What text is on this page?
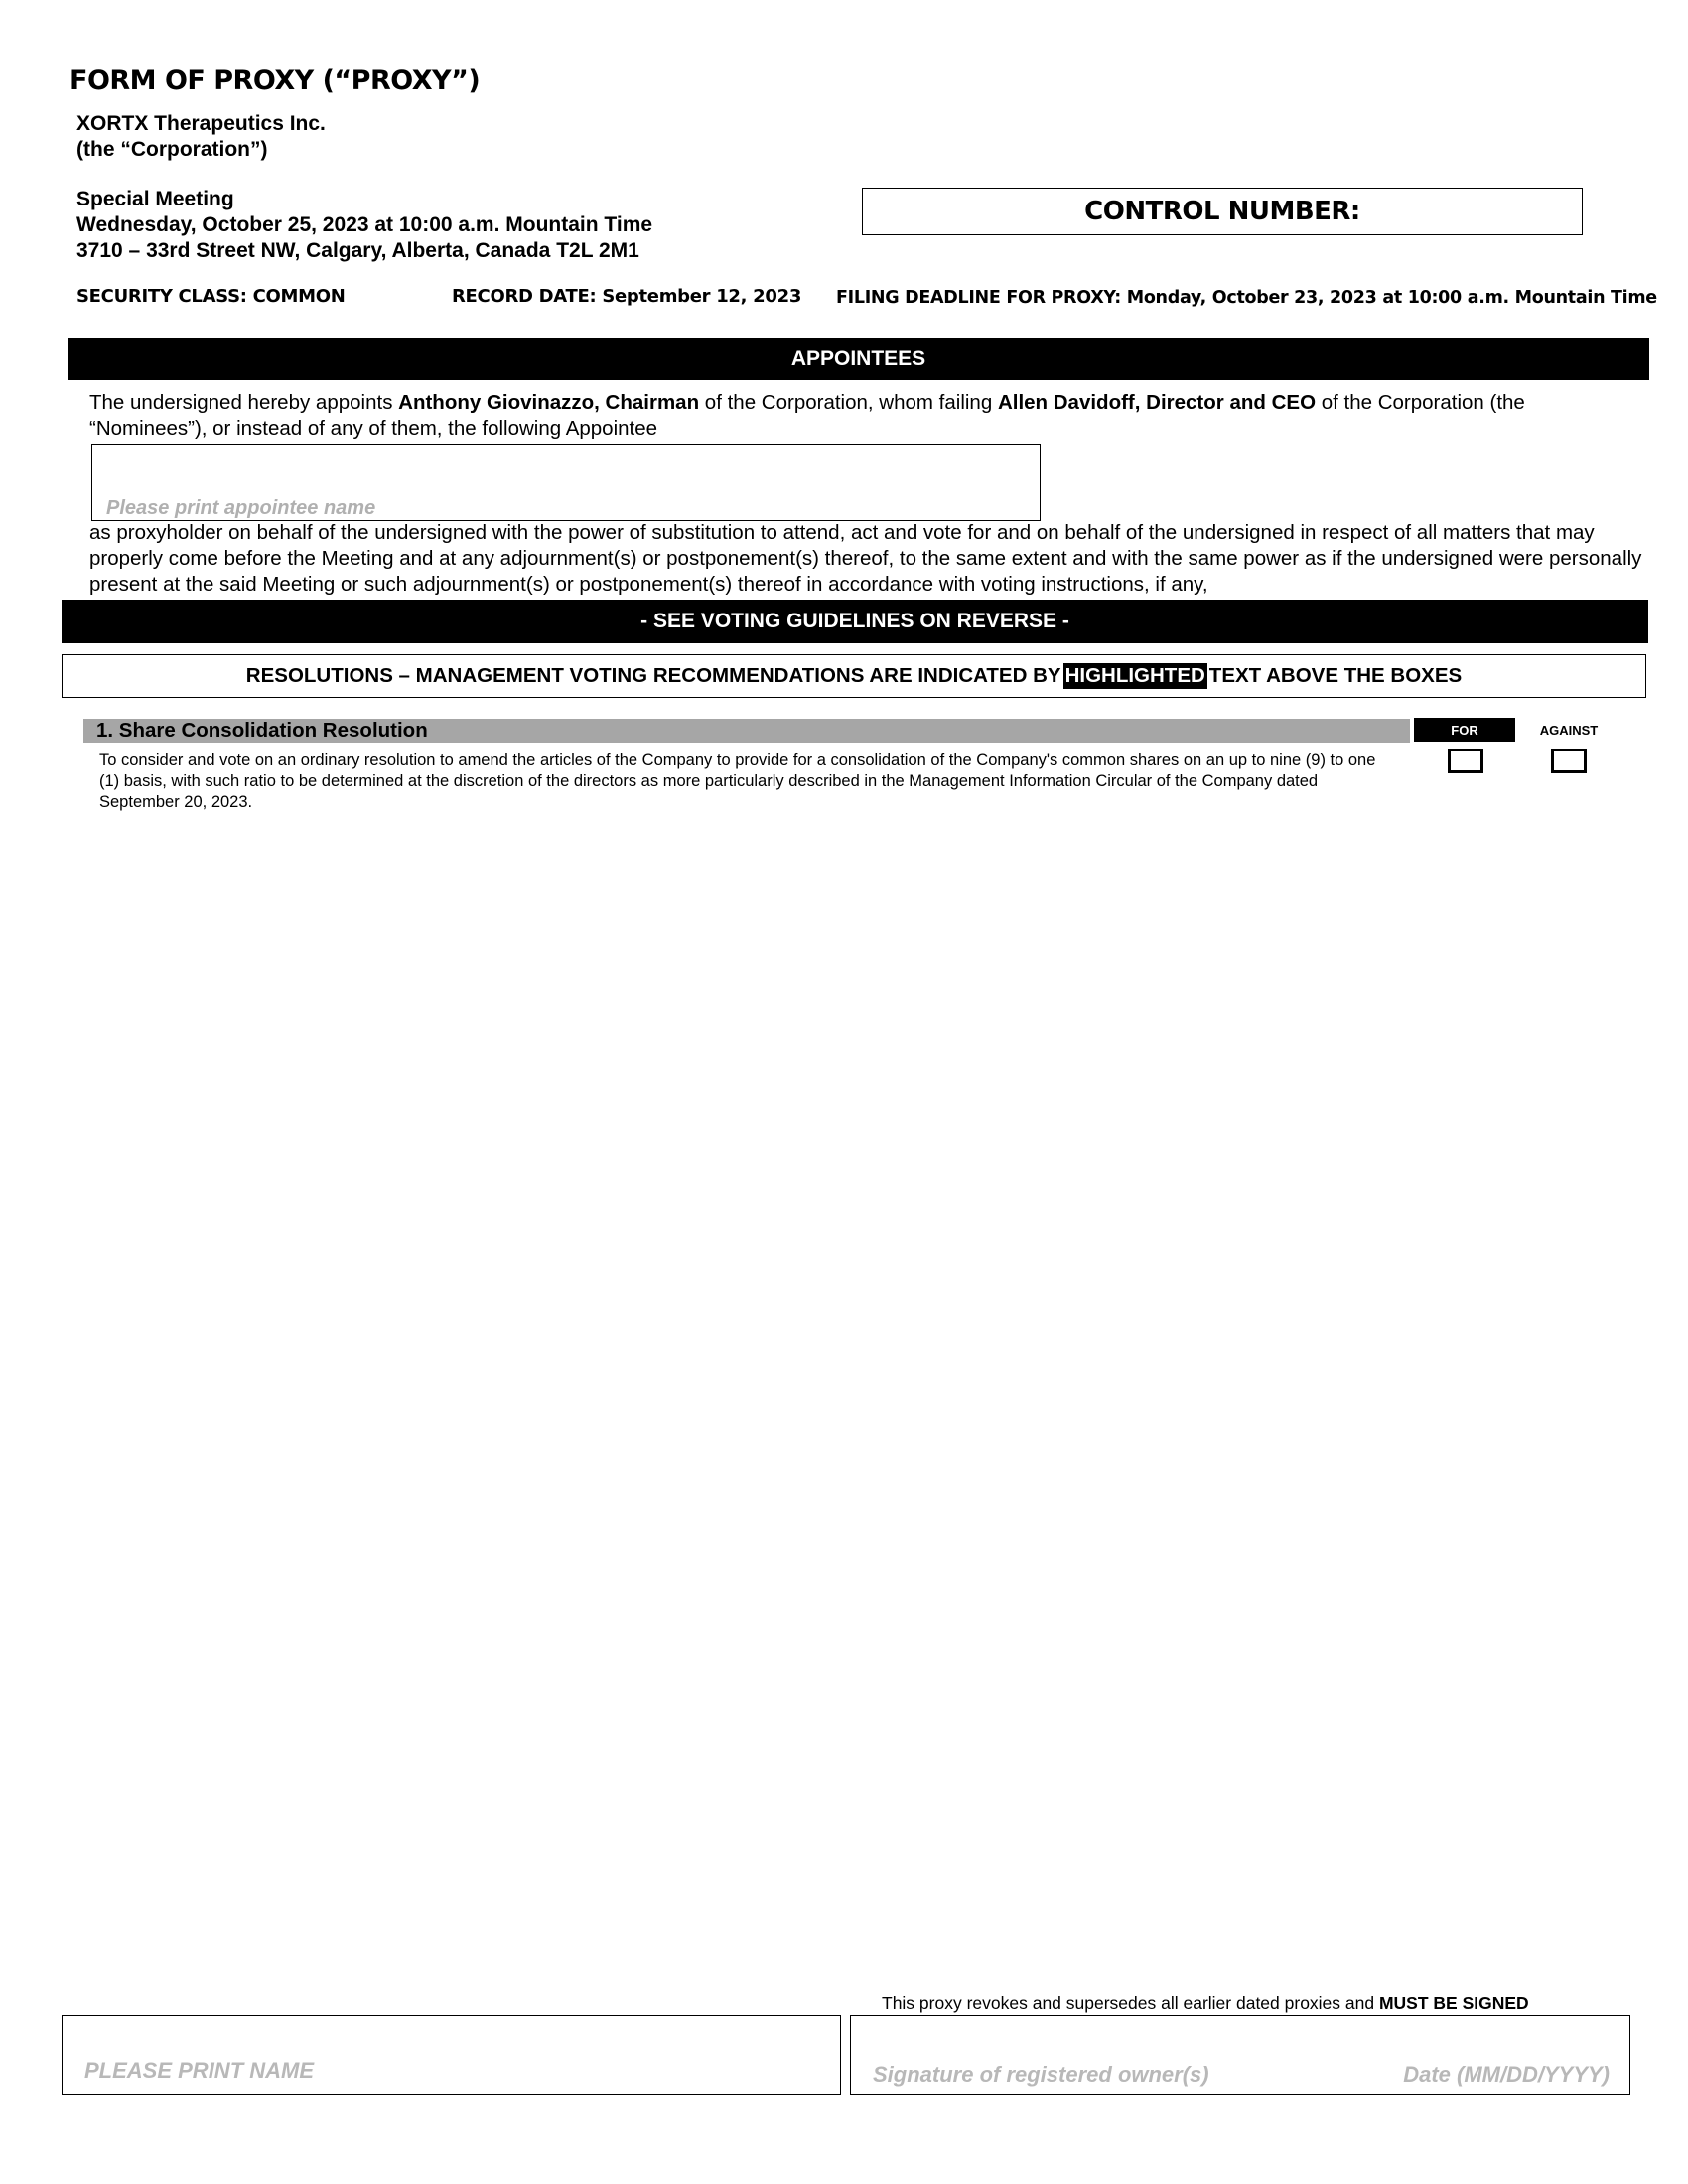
FORM OF PROXY (“PROXY”)
XORTX Therapeutics Inc.
(the “Corporation”)
Special Meeting
Wednesday, October 25, 2023 at 10:00 a.m. Mountain Time
3710 – 33rd Street NW, Calgary, Alberta, Canada T2L 2M1
CONTROL NUMBER:
SECURITY CLASS: COMMON	RECORD DATE: September 12, 2023 FILING DEADLINE FOR PROXY: Monday, October 23, 2023 at 10:00 a.m. Mountain Time
APPOINTEES
The undersigned hereby appoints Anthony Giovinazzo, Chairman of the Corporation, whom failing Allen Davidoff, Director and CEO of the Corporation (the “Nominees”), or instead of any of them, the following Appointee
Please print appointee name
as proxyholder on behalf of the undersigned with the power of substitution to attend, act and vote for and on behalf of the undersigned in respect of all matters that may properly come before the Meeting and at any adjournment(s) or postponement(s) thereof, to the same extent and with the same power as if the undersigned were personally present at the said Meeting or such adjournment(s) or postponement(s) thereof in accordance with voting instructions, if any,
- SEE VOTING GUIDELINES ON REVERSE -
RESOLUTIONS – MANAGEMENT VOTING RECOMMENDATIONS ARE INDICATED BY HIGHLIGHTED TEXT ABOVE THE BOXES
1. Share Consolidation Resolution	FOR	AGAINST
To consider and vote on an ordinary resolution to amend the articles of the Company to provide for a consolidation of the Company's common shares on an up to nine (9) to one (1) basis, with such ratio to be determined at the discretion of the directors as more particularly described in the Management Information Circular of the Company dated September 20, 2023.
This proxy revokes and supersedes all earlier dated proxies and MUST BE SIGNED
PLEASE PRINT NAME	Signature of registered owner(s)	Date (MM/DD/YYYY)
